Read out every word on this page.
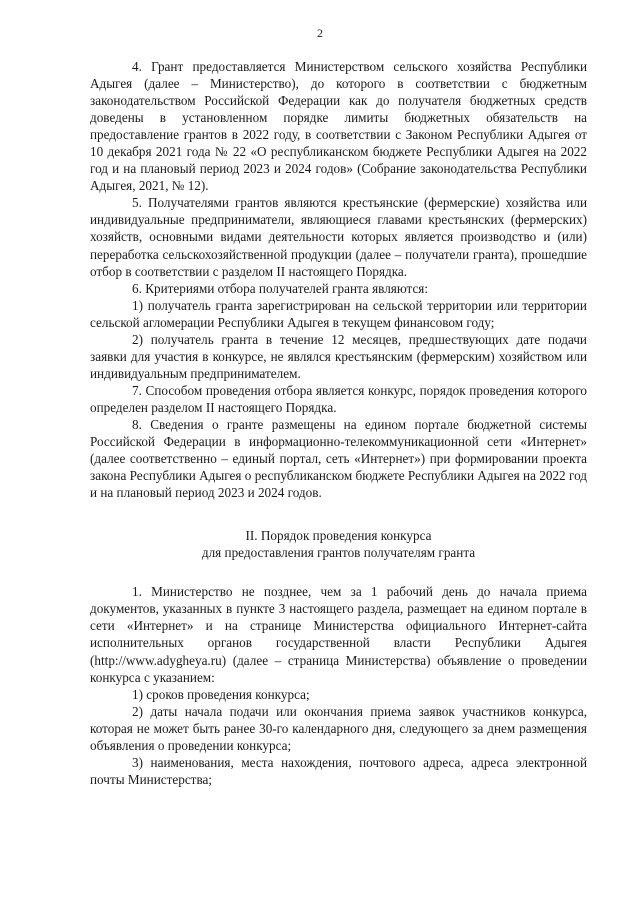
2

4. Грант предоставляется Министерством сельского хозяйства Республики Адыгея (далее – Министерство), до которого в соответствии с бюджетным законодательством Российской Федерации как до получателя бюджетных средств доведены в установленном порядке лимиты бюджетных обязательств на предоставление грантов в 2022 году, в соответствии с Законом Республики Адыгея от 10 декабря 2021 года № 22 «О республиканском бюджете Республики Адыгея на 2022 год и на плановый период 2023 и 2024 годов» (Собрание законодательства Республики Адыгея, 2021, № 12).

5. Получателями грантов являются крестьянские (фермерские) хозяйства или индивидуальные предприниматели, являющиеся главами крестьянских (фермерских) хозяйств, основными видами деятельности которых является производство и (или) переработка сельскохозяйственной продукции (далее – получатели гранта), прошедшие отбор в соответствии с разделом II настоящего Порядка.

6. Критериями отбора получателей гранта являются:

1) получатель гранта зарегистрирован на сельской территории или территории сельской агломерации Республики Адыгея в текущем финансовом году;

2) получатель гранта в течение 12 месяцев, предшествующих дате подачи заявки для участия в конкурсе, не являлся крестьянским (фермерским) хозяйством или индивидуальным предпринимателем.

7. Способом проведения отбора является конкурс, порядок проведения которого определен разделом II настоящего Порядка.

8. Сведения о гранте размещены на едином портале бюджетной системы Российской Федерации в информационно-телекоммуникационной сети «Интернет» (далее соответственно – единый портал, сеть «Интернет») при формировании проекта закона Республики Адыгея о республиканском бюджете Республики Адыгея на 2022 год и на плановый период 2023 и 2024 годов.

II. Порядок проведения конкурса

для предоставления грантов получателям гранта

1. Министерство не позднее, чем за 1 рабочий день до начала приема документов, указанных в пункте 3 настоящего раздела, размещает на едином портале в сети «Интернет» и на странице Министерства официального Интернет-сайта исполнительных органов государственной власти Республики Адыгея (http://www.adygheya.ru) (далее – страница Министерства) объявление о проведении конкурса с указанием:

1) сроков проведения конкурса;

2) даты начала подачи или окончания приема заявок участников конкурса, которая не может быть ранее 30-го календарного дня, следующего за днем размещения объявления о проведении конкурса;

3) наименования, места нахождения, почтового адреса, адреса электронной почты Министерства;
